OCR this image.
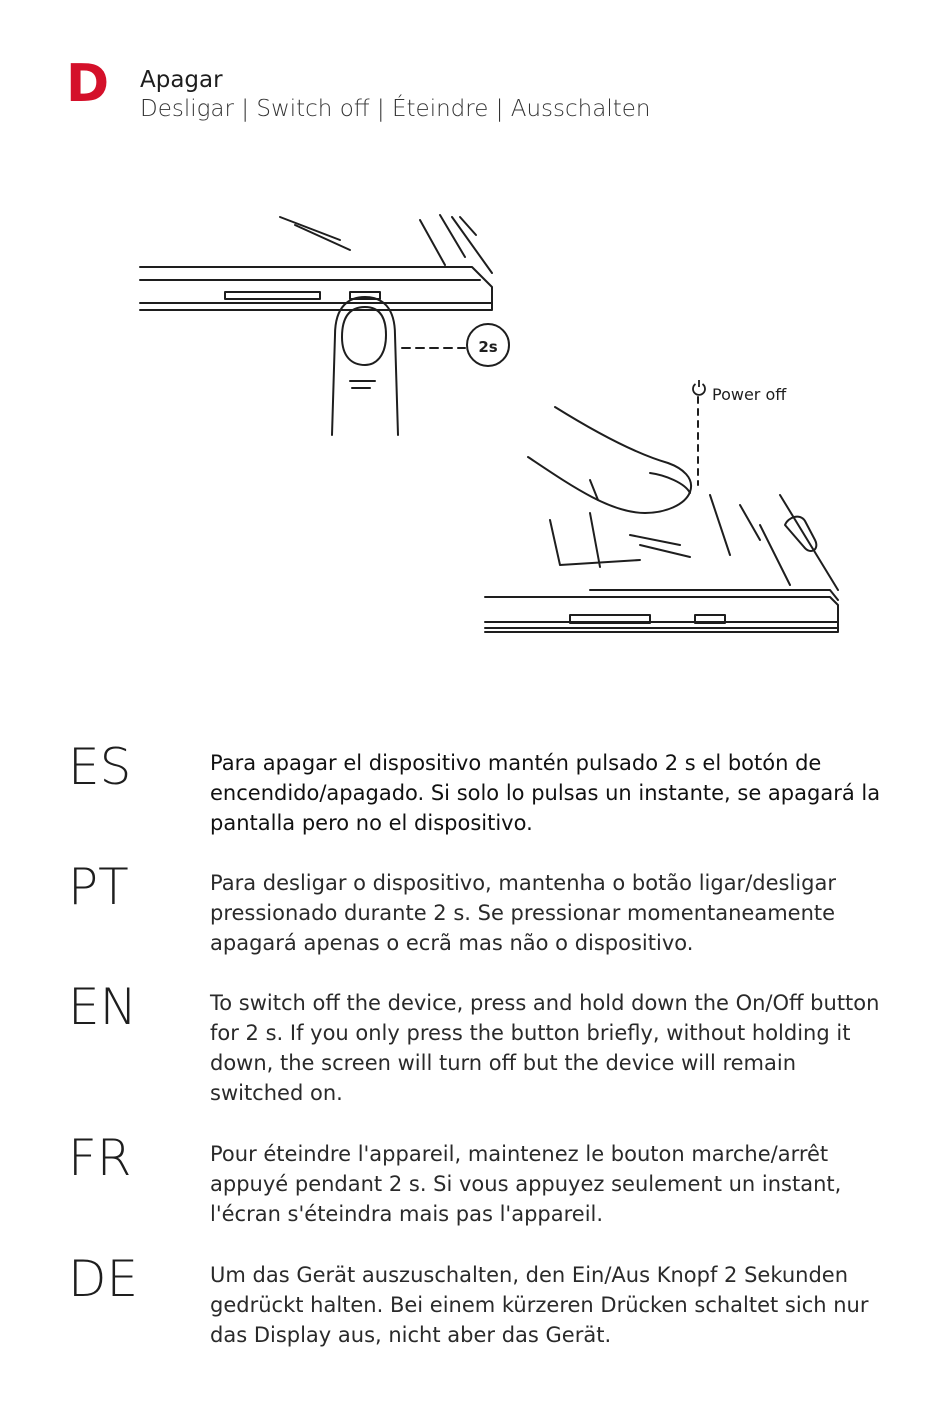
D Apagar
Desligar | Switch off | Éteindre | Ausschalten
2s
Power off
ES	Para apagar el dispositivo mantén pulsado 2 s el botón de encendido/apagado. Si solo lo pulsas un instante, se apagará la pantalla pero no el dispositivo.
PT	Para desligar o dispositivo, mantenha o botão ligar/desligar pressionado durante 2 s. Se pressionar momentaneamente apagará apenas o ecrã mas não o dispositivo.
EN	To switch off the device, press and hold down the On/Off button for 2 s. If you only press the button briefly, without holding it down, the screen will turn off but the device will remain switched on.
FR	Pour éteindre l'appareil, maintenez le bouton marche/arrêt appuyé pendant 2 s. Si vous appuyez seulement un instant, l'écran s'éteindra mais pas l'appareil.
DE	Um das Gerät auszuschalten, den Ein/Aus Knopf 2 Sekunden gedrückt halten. Bei einem kürzeren Drücken schaltet sich nur das Display aus, nicht aber das Gerät.
